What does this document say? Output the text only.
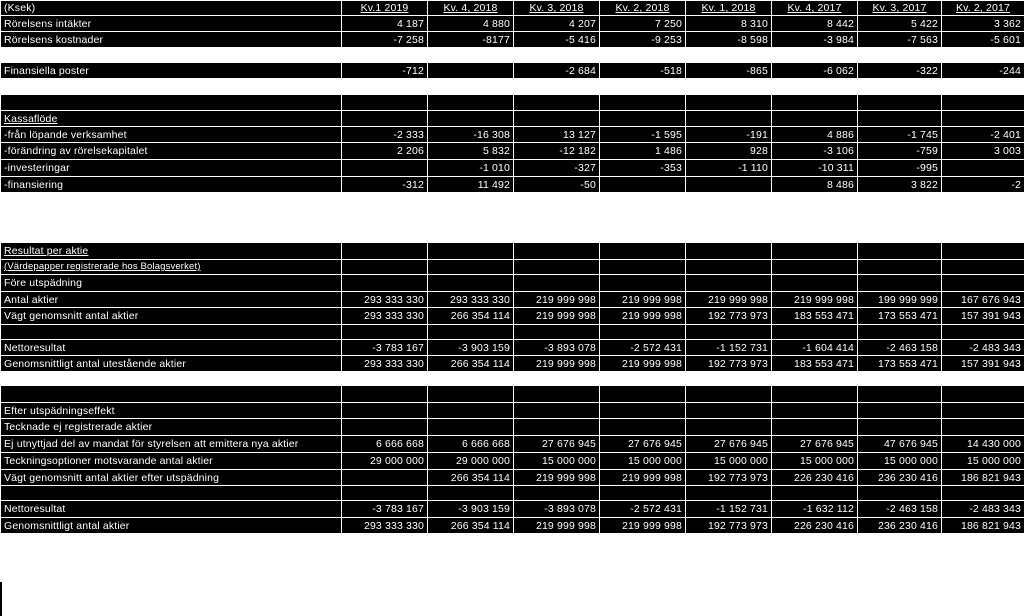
(Ksek)	Kv.1 2019	Kv. 4, 2018	Kv. 3, 2018	Kv. 2, 2018	Kv. 1, 2018	Kv. 4, 2017	Kv. 3, 2017	Kv. 2, 2017
Rörelsens intäkter	4 187	4 880	4 207	7 250	8 310	8 442	5 422	3 362
Rörelsens kostnader	-7 258	-8177	-5 416	-9 253	-8 598	-3 984	-7 563	-5 601

Finansiella poster	-712		-2 684	-518	-865	-6 062	-322	-244

Kassaflöde								
-från löpande verksamhet	-2 333	-16 308	13 127	-1 595	-191	4 886	-1 745	-2 401
-förändring av rörelsekapitalet	2 206	5 832	-12 182	1 486	928	-3 106	-759	3 003
-investeringar		-1 010	-327	-353	-1 110	-10 311	-995	
-finansiering	-312	11 492	-50			8 486	3 822	-2

Resultat per aktie								
(Värdepapper registrerade hos Bolagsverket)								
Före utspädning								
Antal aktier	293 333 330	293 333 330	219 999 998	219 999 998	219 999 998	219 999 998	199 999 999	167 676 943
Vägt genomsnitt antal aktier	293 333 330	266 354 114	219 999 998	219 999 998	192 773 973	183 553 471	173 553 471	157 391 943

Nettoresultat	-3 783 167	-3 903 159	-3 893 078	-2 572 431	-1 152 731	-1 604 414	-2 463 158	-2 483 343
Genomsnittligt antal utestående aktier	293 333 330	266 354 114	219 999 998	219 999 998	192 773 973	183 553 471	173 553 471	157 391 943

Efter utspädningseffekt								
Tecknade ej registrerade aktier								
Ej utnyttjad del av mandat för styrelsen att emittera nya aktier	6 666 668	6 666 668	27 676 945	27 676 945	27 676 945	27 676 945	47 676 945	14 430 000
Teckningsoptioner motsvarande antal aktier	29 000 000	29 000 000	15 000 000	15 000 000	15 000 000	15 000 000	15 000 000	15 000 000
Vägt genomsnitt antal aktier efter utspädning		266 354 114	219 999 998	219 999 998	192 773 973	226 230 416	236 230 416	186 821 943

Nettoresultat	-3 783 167	-3 903 159	-3 893 078	-2 572 431	-1 152 731	-1 632 112	-2 463 158	-2 483 343
Genomsnittligt antal aktier	293 333 330	266 354 114	219 999 998	219 999 998	192 773 973	226 230 416	236 230 416	186 821 943
